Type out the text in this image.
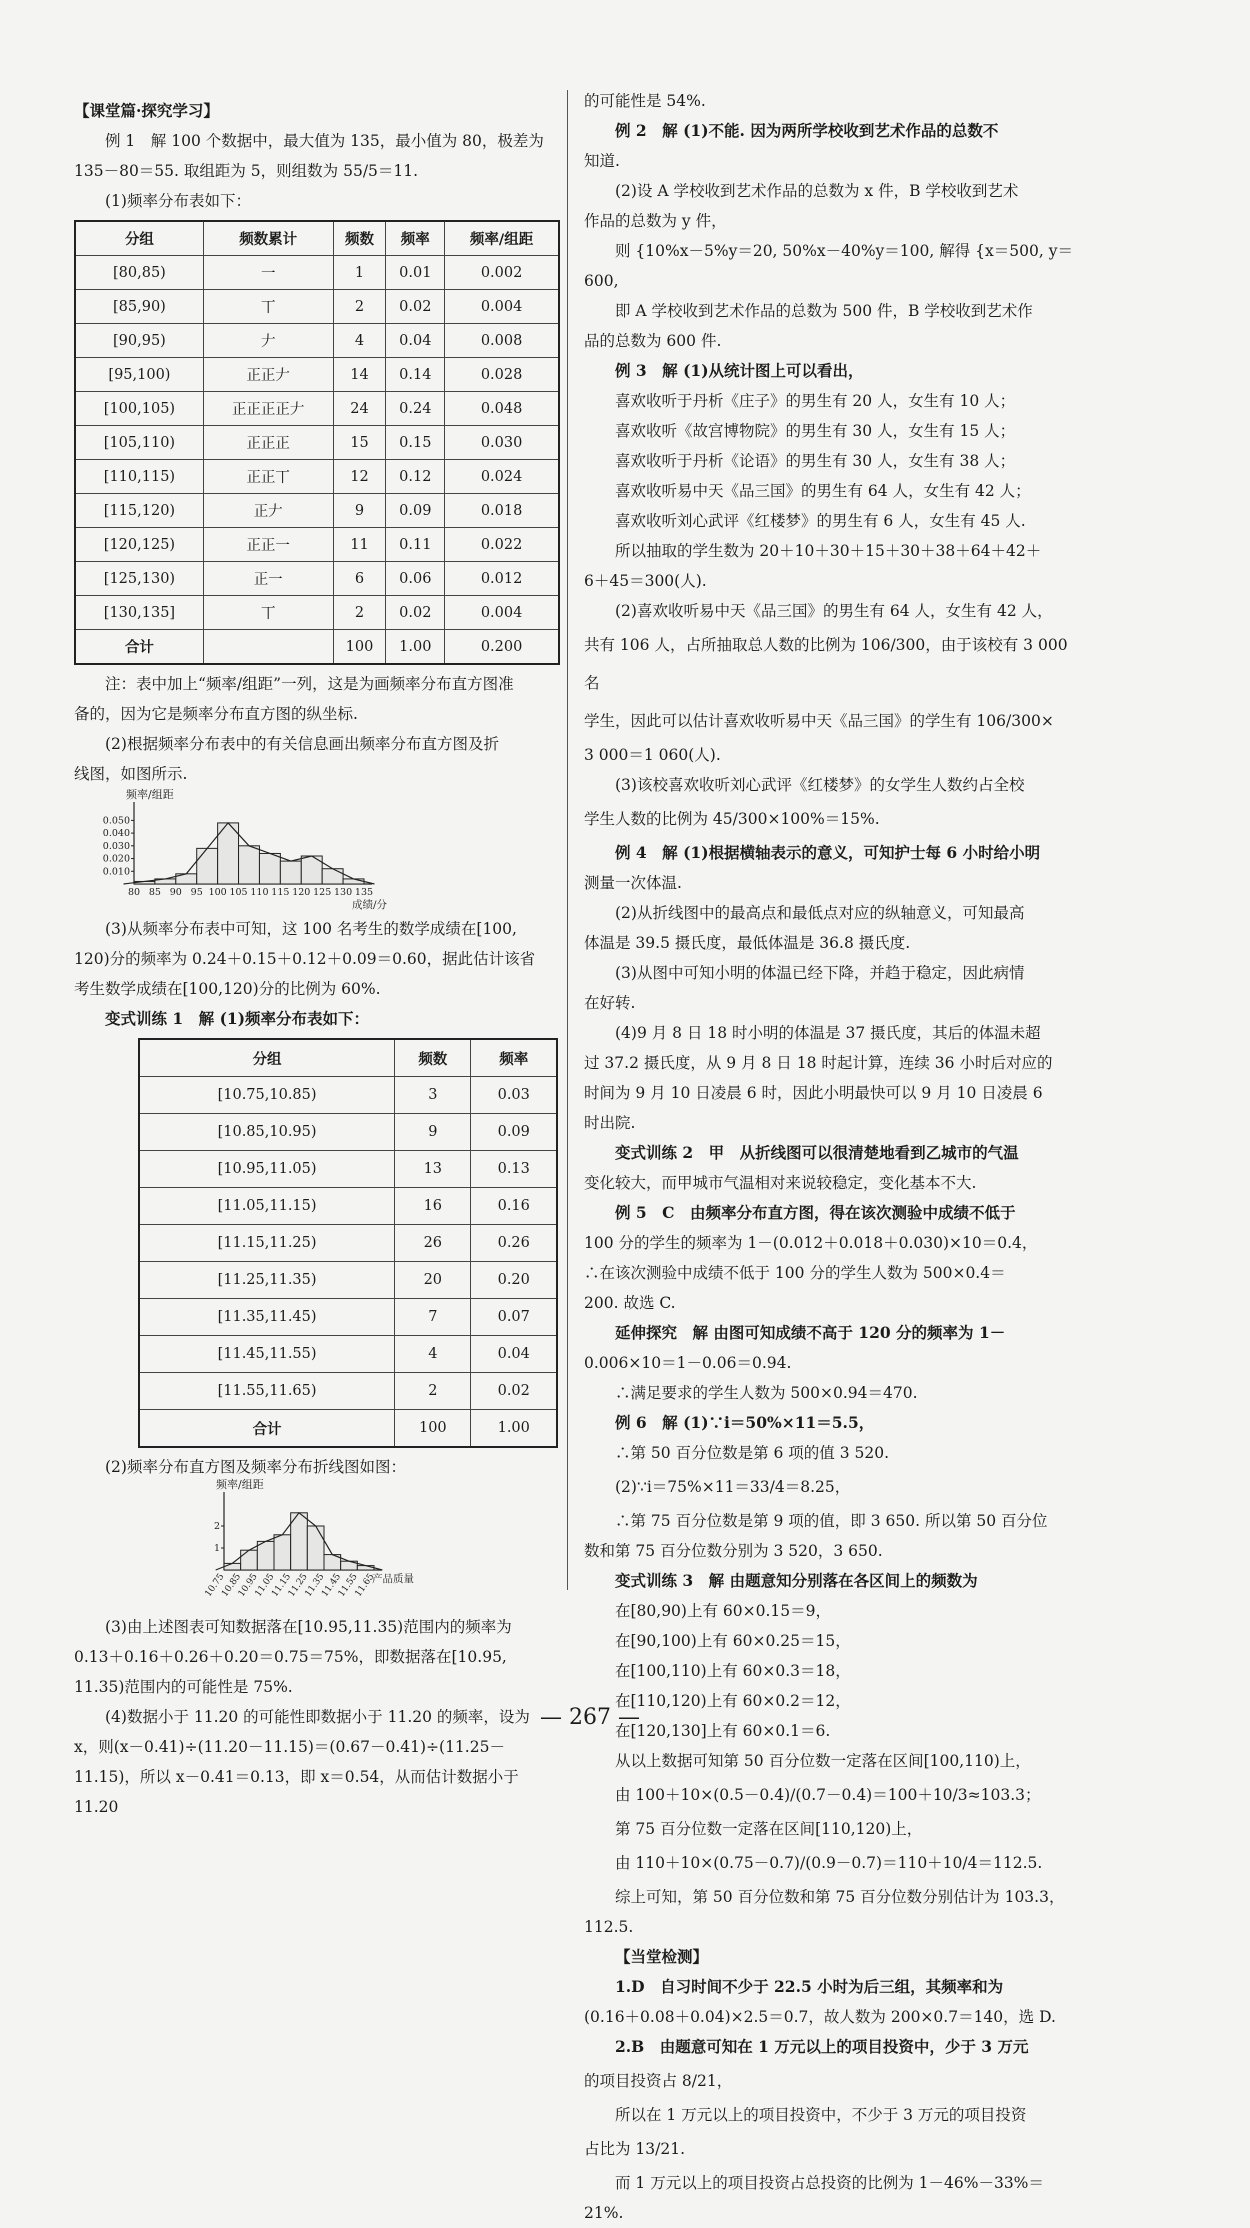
【课堂篇·探究学习】

例 1　解 100 个数据中，最大值为 135，最小值为 80，极差为

135－80＝55. 取组距为 5，则组数为 55/5＝11.

(1)频率分布表如下：

分组	频数累计	频数	频率	频率/组距
[80,85)	一	1	0.01	0.002
[85,90)	丅	2	0.02	0.004
[90,95)	𠂇	4	0.04	0.008
[95,100)	正正𠂇	14	0.14	0.028
[100,105)	正正正正𠂇	24	0.24	0.048
[105,110)	正正正	15	0.15	0.030
[110,115)	正正丅	12	0.12	0.024
[115,120)	正𠂇	9	0.09	0.018
[120,125)	正正一	11	0.11	0.022
[125,130)	正一	6	0.06	0.012
[130,135]	丅	2	0.02	0.004
合计		100	1.00	0.200

注：表中加上“频率/组距”一列，这是为画频率分布直方图准

备的，因为它是频率分布直方图的纵坐标.

(2)根据频率分布表中的有关信息画出频率分布直方图及折

线图，如图所示.

频率/组距
0.050
0.040
0.030
0.020
0.010
80 85 90 95 100 105 110 115 120 125 130 135
成绩/分

(3)从频率分布表中可知，这 100 名考生的数学成绩在[100,

120)分的频率为 0.24＋0.15＋0.12＋0.09＝0.60，据此估计该省

考生数学成绩在[100,120)分的比例为 60%.

变式训练 1　解 (1)频率分布表如下：

分组	频数	频率
[10.75,10.85)	3	0.03
[10.85,10.95)	9	0.09
[10.95,11.05)	13	0.13
[11.05,11.15)	16	0.16
[11.15,11.25)	26	0.26
[11.25,11.35)	20	0.20
[11.35,11.45)	7	0.07
[11.45,11.55)	4	0.04
[11.55,11.65)	2	0.02
合计	100	1.00

(2)频率分布直方图及频率分布折线图如图：

频率/组距
2
1
10.75
10.85
10.95
11.05
11.15
11.25
11.35
11.45
11.55
11.65
产品质量

(3)由上述图表可知数据落在[10.95,11.35)范围内的频率为

0.13＋0.16＋0.26＋0.20＝0.75＝75%，即数据落在[10.95,

11.35)范围内的可能性是 75%.

(4)数据小于 11.20 的可能性即数据小于 11.20 的频率，设为

x，则(x－0.41)÷(11.20－11.15)＝(0.67－0.41)÷(11.25－

11.15)，所以 x－0.41＝0.13，即 x＝0.54，从而估计数据小于 11.20

的可能性是 54%.

例 2　解 (1)不能. 因为两所学校收到艺术作品的总数不

知道.

(2)设 A 学校收到艺术作品的总数为 x 件，B 学校收到艺术

作品的总数为 y 件，

则 {10%x－5%y＝20, 50%x－40%y＝100, 解得 {x＝500, y＝600,

即 A 学校收到艺术作品的总数为 500 件，B 学校收到艺术作

品的总数为 600 件.

例 3　解 (1)从统计图上可以看出，

喜欢收听于丹析《庄子》的男生有 20 人，女生有 10 人；

喜欢收听《故宫博物院》的男生有 30 人，女生有 15 人；

喜欢收听于丹析《论语》的男生有 30 人，女生有 38 人；

喜欢收听易中天《品三国》的男生有 64 人，女生有 42 人；

喜欢收听刘心武评《红楼梦》的男生有 6 人，女生有 45 人.

所以抽取的学生数为 20＋10＋30＋15＋30＋38＋64＋42＋

6＋45＝300(人).

(2)喜欢收听易中天《品三国》的男生有 64 人，女生有 42 人，

共有 106 人，占所抽取总人数的比例为 106/300，由于该校有 3 000 名

学生，因此可以估计喜欢收听易中天《品三国》的学生有 106/300×

3 000＝1 060(人).

(3)该校喜欢收听刘心武评《红楼梦》的女学生人数约占全校

学生人数的比例为 45/300×100%＝15%.

例 4　解 (1)根据横轴表示的意义，可知护士每 6 小时给小明

测量一次体温.

(2)从折线图中的最高点和最低点对应的纵轴意义，可知最高

体温是 39.5 摄氏度，最低体温是 36.8 摄氏度.

(3)从图中可知小明的体温已经下降，并趋于稳定，因此病情

在好转.

(4)9 月 8 日 18 时小明的体温是 37 摄氏度，其后的体温未超

过 37.2 摄氏度，从 9 月 8 日 18 时起计算，连续 36 小时后对应的

时间为 9 月 10 日凌晨 6 时，因此小明最快可以 9 月 10 日凌晨 6

时出院.

变式训练 2　甲　从折线图可以很清楚地看到乙城市的气温

变化较大，而甲城市气温相对来说较稳定，变化基本不大.

例 5　C　由频率分布直方图，得在该次测验中成绩不低于

100 分的学生的频率为 1－(0.012＋0.018＋0.030)×10＝0.4，

∴在该次测验中成绩不低于 100 分的学生人数为 500×0.4＝

200. 故选 C.

延伸探究　解 由图可知成绩不高于 120 分的频率为 1－

0.006×10＝1－0.06＝0.94.

∴满足要求的学生人数为 500×0.94＝470.

例 6　解 (1)∵i＝50%×11＝5.5，

∴第 50 百分位数是第 6 项的值 3 520.

(2)∵i＝75%×11＝33/4＝8.25，

∴第 75 百分位数是第 9 项的值，即 3 650. 所以第 50 百分位

数和第 75 百分位数分别为 3 520，3 650.

变式训练 3　解 由题意知分别落在各区间上的频数为

在[80,90)上有 60×0.15＝9，

在[90,100)上有 60×0.25＝15，

在[100,110)上有 60×0.3＝18，

在[110,120)上有 60×0.2＝12，

在[120,130]上有 60×0.1＝6.

从以上数据可知第 50 百分位数一定落在区间[100,110)上，

由 100＋10×(0.5－0.4)/(0.7－0.4)＝100＋10/3≈103.3；

第 75 百分位数一定落在区间[110,120)上，

由 110＋10×(0.75－0.7)/(0.9－0.7)＝110＋10/4＝112.5.

综上可知，第 50 百分位数和第 75 百分位数分别估计为 103.3，

112.5.

【当堂检测】

1.D　自习时间不少于 22.5 小时为后三组，其频率和为

(0.16＋0.08＋0.04)×2.5＝0.7，故人数为 200×0.7＝140，选 D.

2.B　由题意可知在 1 万元以上的项目投资中，少于 3 万元

的项目投资占 8/21，

所以在 1 万元以上的项目投资中，不少于 3 万元的项目投资

占比为 13/21.

而 1 万元以上的项目投资占总投资的比例为 1－46%－33%＝

21%.

— 267 —
